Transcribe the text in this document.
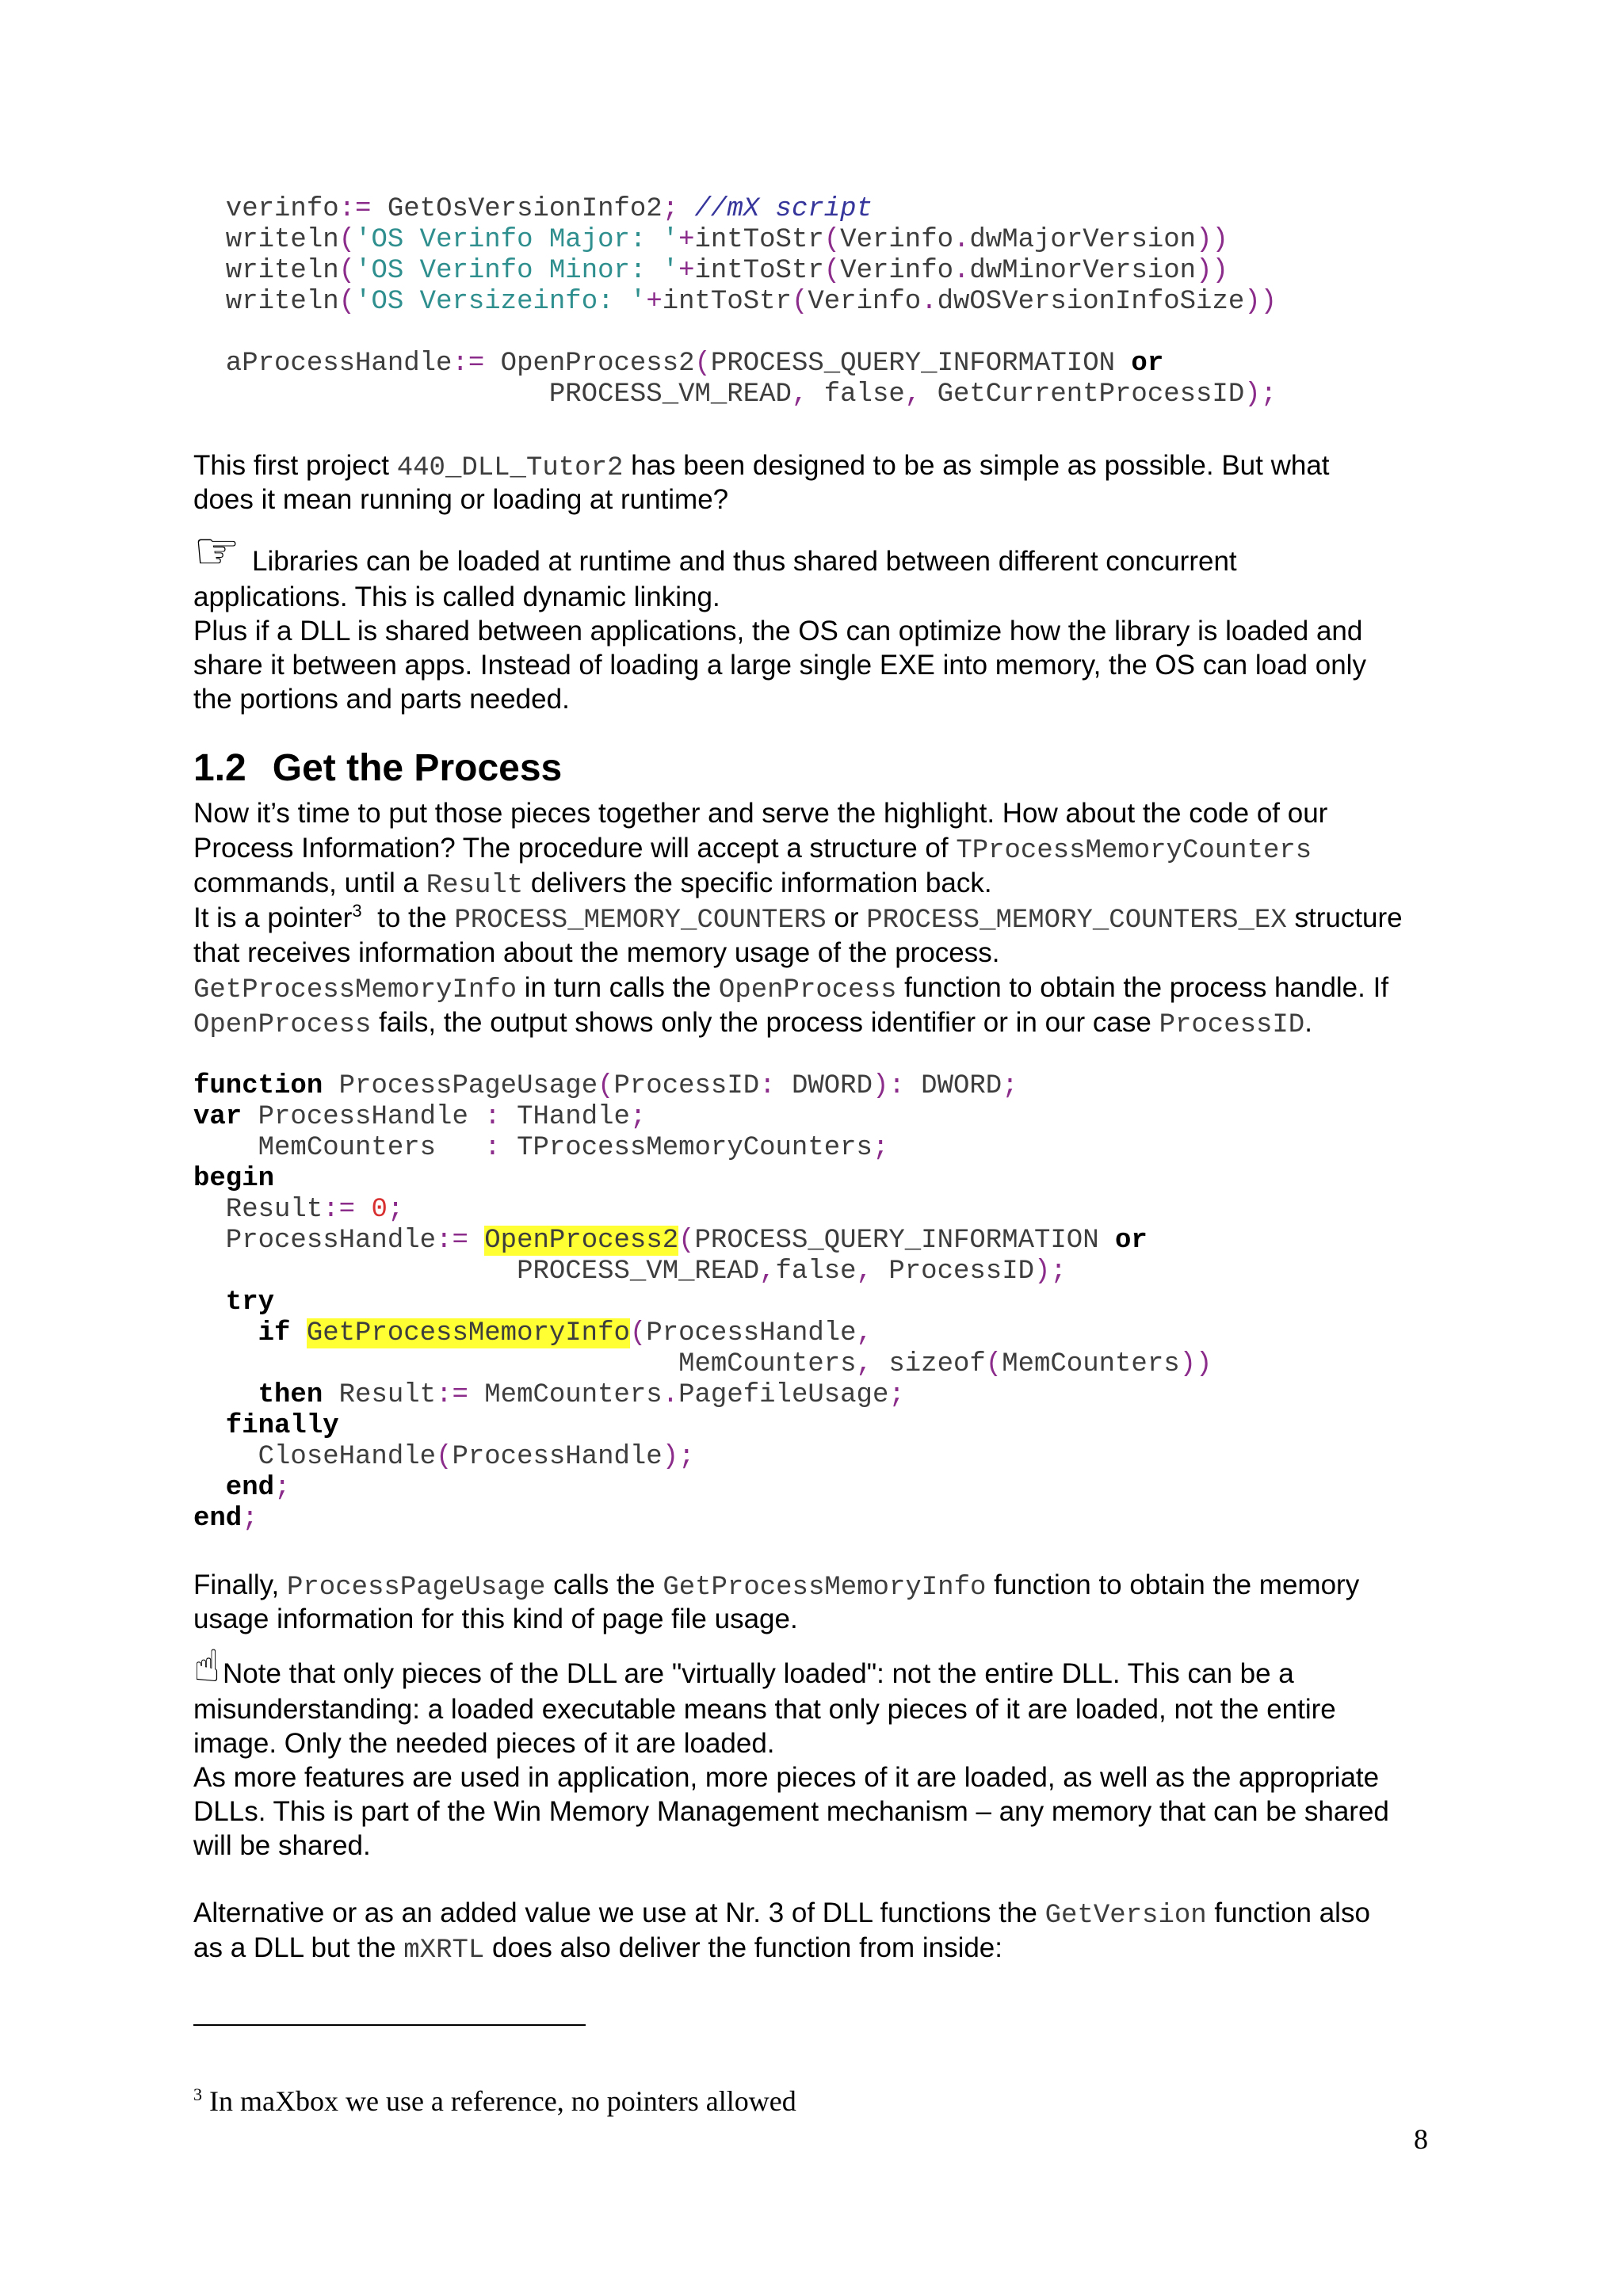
verinfo:= GetOsVersionInfo2; //mX script
writeln('OS Verinfo Major: '+intToStr(Verinfo.dwMajorVersion))
writeln('OS Verinfo Minor: '+intToStr(Verinfo.dwMinorVersion))
writeln('OS Versizeinfo: '+intToStr(Verinfo.dwOSVersionInfoSize))
aProcessHandle:= OpenProcess2(PROCESS_QUERY_INFORMATION or
PROCESS_VM_READ, false, GetCurrentProcessID);
This first project 440_DLL_Tutor2 has been designed to be as simple as possible. But what
does it mean running or loading at runtime?
☞ Libraries can be loaded at runtime and thus shared between different concurrent
applications. This is called dynamic linking.
Plus if a DLL is shared between applications, the OS can optimize how the library is loaded and
share it between apps. Instead of loading a large single EXE into memory, the OS can load only
the portions and parts needed.
1.2 Get the Process
Now it’s time to put those pieces together and serve the highlight. How about the code of our
Process Information? The procedure will accept a structure of TProcessMemoryCounters
commands, until a Result delivers the specific information back.
It is a pointer$^3$  to the PROCESS_MEMORY_COUNTERS or PROCESS_MEMORY_COUNTERS_EX structure
that receives information about the memory usage of the process.
GetProcessMemoryInfo in turn calls the OpenProcess function to obtain the process handle. If
OpenProcess fails, the output shows only the process identifier or in our case ProcessID.
function ProcessPageUsage(ProcessID: DWORD): DWORD;
var ProcessHandle : THandle;
MemCounters   : TProcessMemoryCounters;
begin
Result:= 0;
ProcessHandle:= OpenProcess2(PROCESS_QUERY_INFORMATION or
PROCESS_VM_READ,false, ProcessID);
try
if GetProcessMemoryInfo(ProcessHandle,
MemCounters, sizeof(MemCounters))
then Result:= MemCounters.PagefileUsage;
finally
CloseHandle(ProcessHandle);
end;
end;
Finally, ProcessPageUsage calls the GetProcessMemoryInfo function to obtain the memory
usage information for this kind of page file usage.
☝ Note that only pieces of the DLL are "virtually loaded": not the entire DLL. This can be a
misunderstanding: a loaded executable means that only pieces of it are loaded, not the entire
image. Only the needed pieces of it are loaded.
As more features are used in application, more pieces of it are loaded, as well as the appropriate
DLLs. This is part of the Win Memory Management mechanism – any memory that can be shared
will be shared.
Alternative or as an added value we use at Nr. 3 of DLL functions the GetVersion function also
as a DLL but the mXRTL does also deliver the function from inside:
$^3$ In maXbox we use a reference, no pointers allowed
8
